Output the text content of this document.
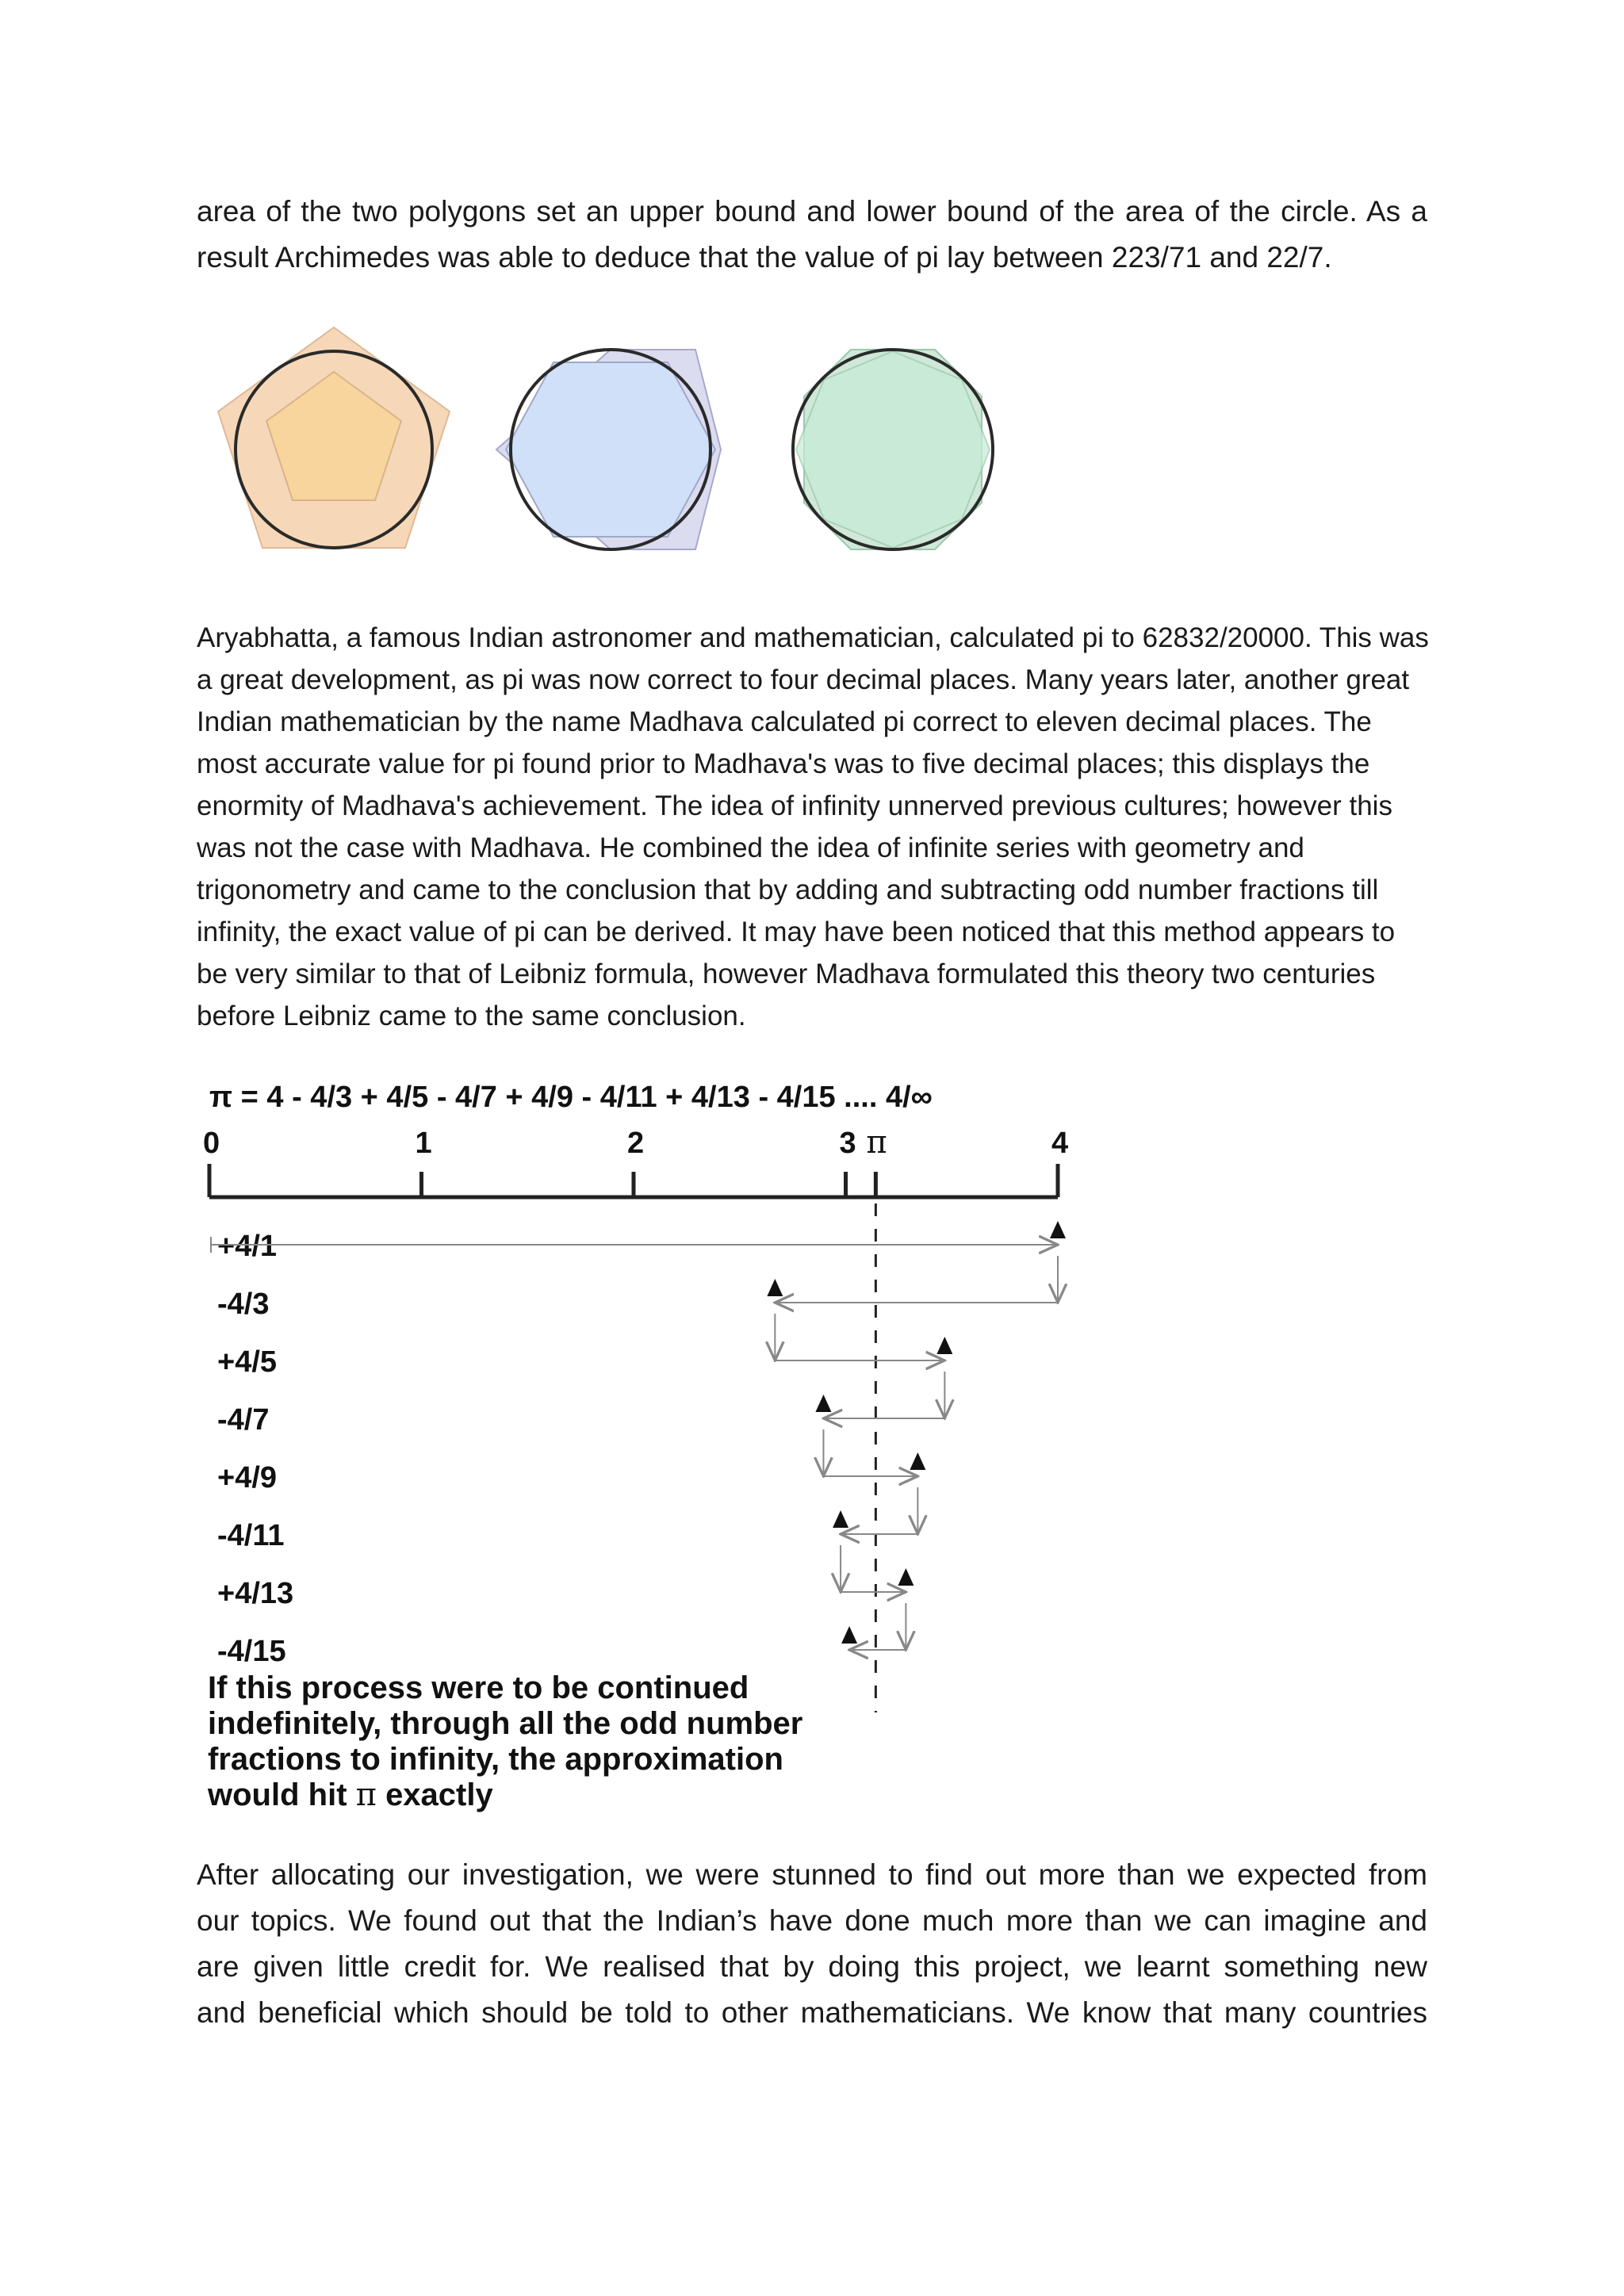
area of the two polygons set an upper bound and lower bound of the area of the circle. As a
result Archimedes was able to deduce that the value of pi lay between 223/71 and 22/7.
Aryabhatta, a famous Indian astronomer and mathematician, calculated pi to 62832/20000. This was
a great development, as pi was now correct to four decimal places. Many years later, another great
Indian mathematician by the name Madhava calculated pi correct to eleven decimal places. The
most accurate value for pi found prior to Madhava's was to five decimal places; this displays the
enormity of Madhava's achievement. The idea of infinity unnerved previous cultures; however this
was not the case with Madhava. He combined the idea of infinite series with geometry and
trigonometry and came to the conclusion that by adding and subtracting odd number fractions till
infinity, the exact value of pi can be derived. It may have been noticed that this method appears to
be very similar to that of Leibniz formula, however Madhava formulated this theory two centuries
before Leibniz came to the same conclusion.
π = 4 - 4/3 + 4/5 - 4/7 + 4/9 - 4/11 + 4/13 - 4/15 .... 4/∞
0	1	2	3	4
π
+4/1
-4/3
+4/5
-4/7
+4/9
-4/11
+4/13
-4/15
If this process were to be continued
indefinitely, through all the odd number
fractions to infinity, the approximation
would hit π exactly
After allocating our investigation, we were stunned to find out more than we expected from
our topics. We found out that the Indian’s have done much more than we can imagine and
are given little credit for. We realised that by doing this project, we learnt something new
and beneficial which should be told to other mathematicians. We know that many countries
